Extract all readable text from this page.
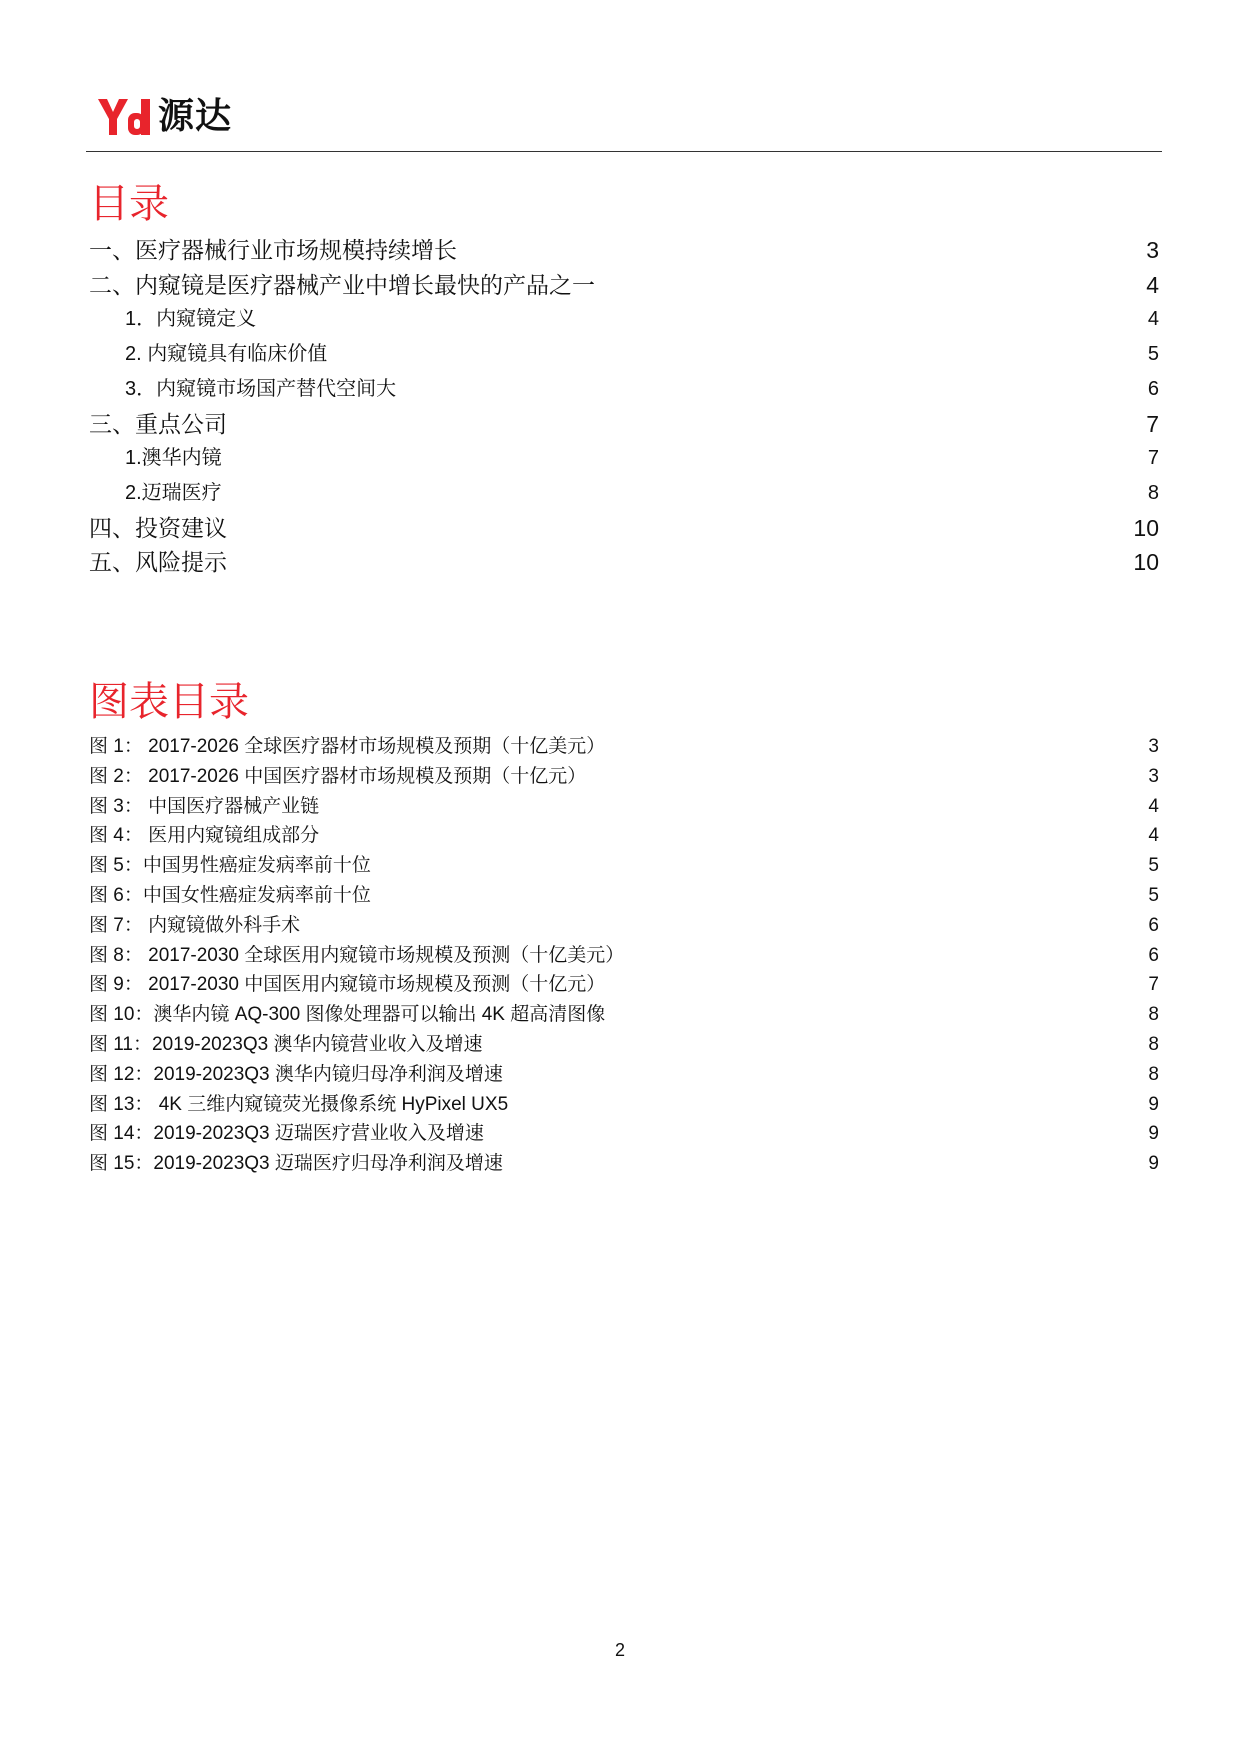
源达
目录
一、医疗器械行业市场规模持续增长	3
二、内窥镜是医疗器械产业中增长最快的产品之一	4
1．内窥镜定义	4
2. 内窥镜具有临床价值	5
3．内窥镜市场国产替代空间大	6
三、重点公司	7
1.澳华内镜	7
2.迈瑞医疗	8
四、投资建议	10
五、风险提示	10
图表目录
图 1： 2017-2026 全球医疗器材市场规模及预期（十亿美元）	3
图 2： 2017-2026 中国医疗器材市场规模及预期（十亿元）	3
图 3： 中国医疗器械产业链	4
图 4： 医用内窥镜组成部分	4
图 5：中国男性癌症发病率前十位	5
图 6：中国女性癌症发病率前十位	5
图 7： 内窥镜做外科手术	6
图 8： 2017-2030 全球医用内窥镜市场规模及预测（十亿美元）	6
图 9： 2017-2030 中国医用内窥镜市场规模及预测（十亿元）	7
图 10：澳华内镜 AQ-300 图像处理器可以输出 4K 超高清图像	8
图 11：2019-2023Q3 澳华内镜营业收入及增速	8
图 12：2019-2023Q3 澳华内镜归母净利润及增速	8
图 13： 4K 三维内窥镜荧光摄像系统 HyPixel UX5	9
图 14：2019-2023Q3 迈瑞医疗营业收入及增速	9
图 15：2019-2023Q3 迈瑞医疗归母净利润及增速	9
2
